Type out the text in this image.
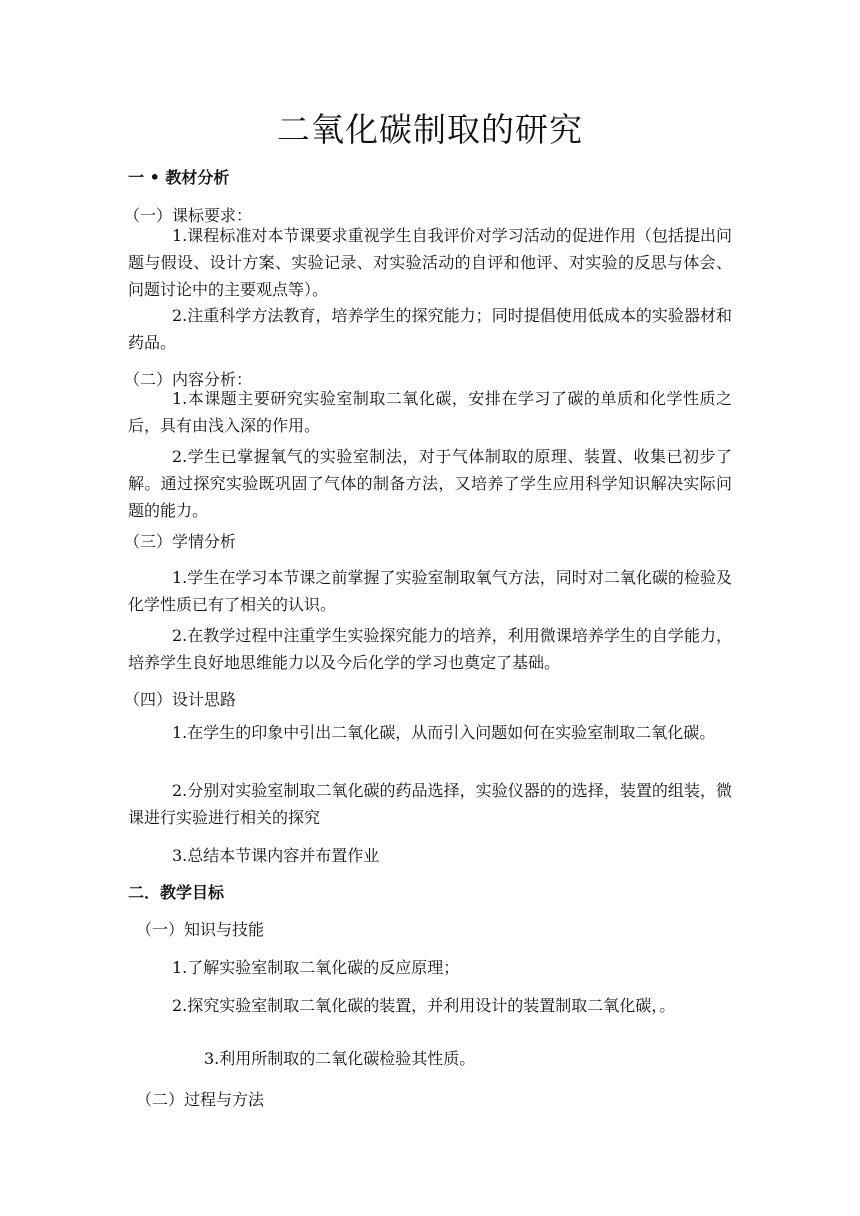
二氧化碳制取的研究
一 • 教材分析
（一）课标要求：
1.课程标准对本节课要求重视学生自我评价对学习活动的促进作用（包括提出问题与假设、设计方案、实验记录、对实验活动的自评和他评、对实验的反思与体会、问题讨论中的主要观点等）。
2.注重科学方法教育，培养学生的探究能力；同时提倡使用低成本的实验器材和药品。
（二）内容分析：
1.本课题主要研究实验室制取二氧化碳，安排在学习了碳的单质和化学性质之后，具有由浅入深的作用。
2.学生已掌握氧气的实验室制法，对于气体制取的原理、装置、收集已初步了解。通过探究实验既巩固了气体的制备方法，又培养了学生应用科学知识解决实际问题的能力。
（三）学情分析
1.学生在学习本节课之前掌握了实验室制取氧气方法，同时对二氧化碳的检验及化学性质已有了相关的认识。
2.在教学过程中注重学生实验探究能力的培养，利用微课培养学生的自学能力，培养学生良好地思维能力以及今后化学的学习也奠定了基础。
（四）设计思路
1.在学生的印象中引出二氧化碳，从而引入问题如何在实验室制取二氧化碳。
2.分别对实验室制取二氧化碳的药品选择，实验仪器的的选择，装置的组装，微课进行实验进行相关的探究
3.总结本节课内容并布置作业
二．教学目标
（一）知识与技能
1.了解实验室制取二氧化碳的反应原理；
2.探究实验室制取二氧化碳的装置，并利用设计的装置制取二氧化碳，。
3.利用所制取的二氧化碳检验其性质。
（二）过程与方法
